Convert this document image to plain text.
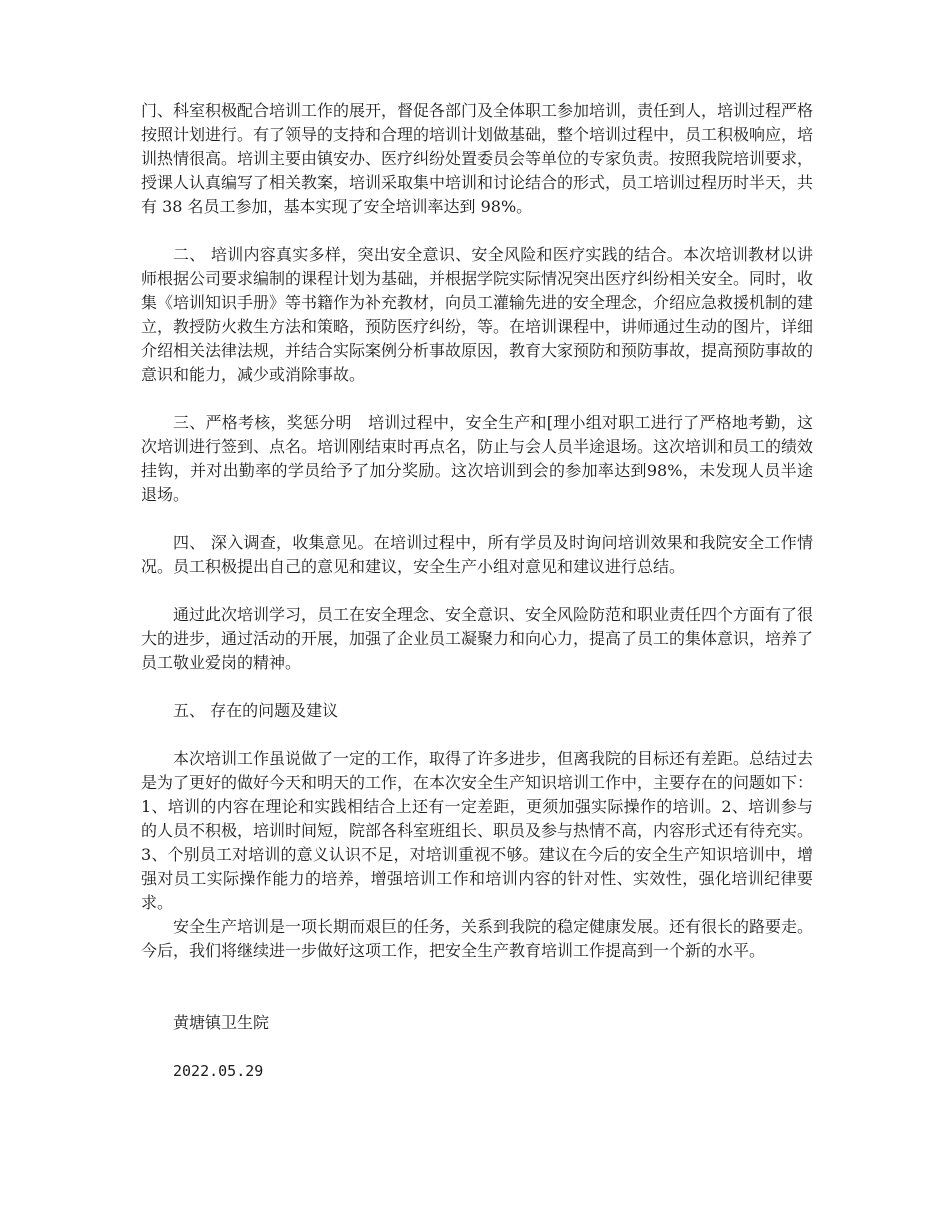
门、科室积极配合培训工作的展开，督促各部门及全体职工参加培训，责任到人，培训过程严格按照计划进行。有了领导的支持和合理的培训计划做基础，整个培训过程中，员工积极响应，培训热情很高。培训主要由镇安办、医疗纠纷处置委员会等单位的专家负责。按照我院培训要求，授课人认真编写了相关教案，培训采取集中培训和讨论结合的形式，员工培训过程历时半天，共有 38 名员工参加，基本实现了安全培训率达到 98%。

二、 培训内容真实多样，突出安全意识、安全风险和医疗实践的结合。本次培训教材以讲师根据公司要求编制的课程计划为基础，并根据学院实际情况突出医疗纠纷相关安全。同时，收集《培训知识手册》等书籍作为补充教材，向员工灌输先进的安全理念，介绍应急救援机制的建立，教授防火救生方法和策略，预防医疗纠纷，等。在培训课程中，讲师通过生动的图片，详细介绍相关法律法规，并结合实际案例分析事故原因，教育大家预防和预防事故，提高预防事故的意识和能力，减少或消除事故。

三、严格考核，奖惩分明　培训过程中，安全生产和[理小组对职工进行了严格地考勤，这次培训进行签到、点名。培训刚结束时再点名，防止与会人员半途退场。这次培训和员工的绩效挂钩，并对出勤率的学员给予了加分奖励。这次培训到会的参加率达到98%，未发现人员半途退场。

四、 深入调查，收集意见。在培训过程中，所有学员及时询问培训效果和我院安全工作情况。员工积极提出自己的意见和建议，安全生产小组对意见和建议进行总结。

通过此次培训学习，员工在安全理念、安全意识、安全风险防范和职业责任四个方面有了很大的进步，通过活动的开展，加强了企业员工凝聚力和向心力，提高了员工的集体意识，培养了员工敬业爱岗的精神。

五、 存在的问题及建议

本次培训工作虽说做了一定的工作，取得了许多进步，但离我院的目标还有差距。总结过去是为了更好的做好今天和明天的工作，在本次安全生产知识培训工作中，主要存在的问题如下： 1、培训的内容在理论和实践相结合上还有一定差距，更须加强实际操作的培训。2、培训参与的人员不积极，培训时间短，院部各科室班组长、职员及参与热情不高，内容形式还有待充实。3、个别员工对培训的意义认识不足，对培训重视不够。建议在今后的安全生产知识培训中，增强对员工实际操作能力的培养，增强培训工作和培训内容的针对性、实效性，强化培训纪律要求。

安全生产培训是一项长期而艰巨的任务，关系到我院的稳定健康发展。还有很长的路要走。今后，我们将继续进一步做好这项工作，把安全生产教育培训工作提高到一个新的水平。

黄塘镇卫生院
2022.05.29
